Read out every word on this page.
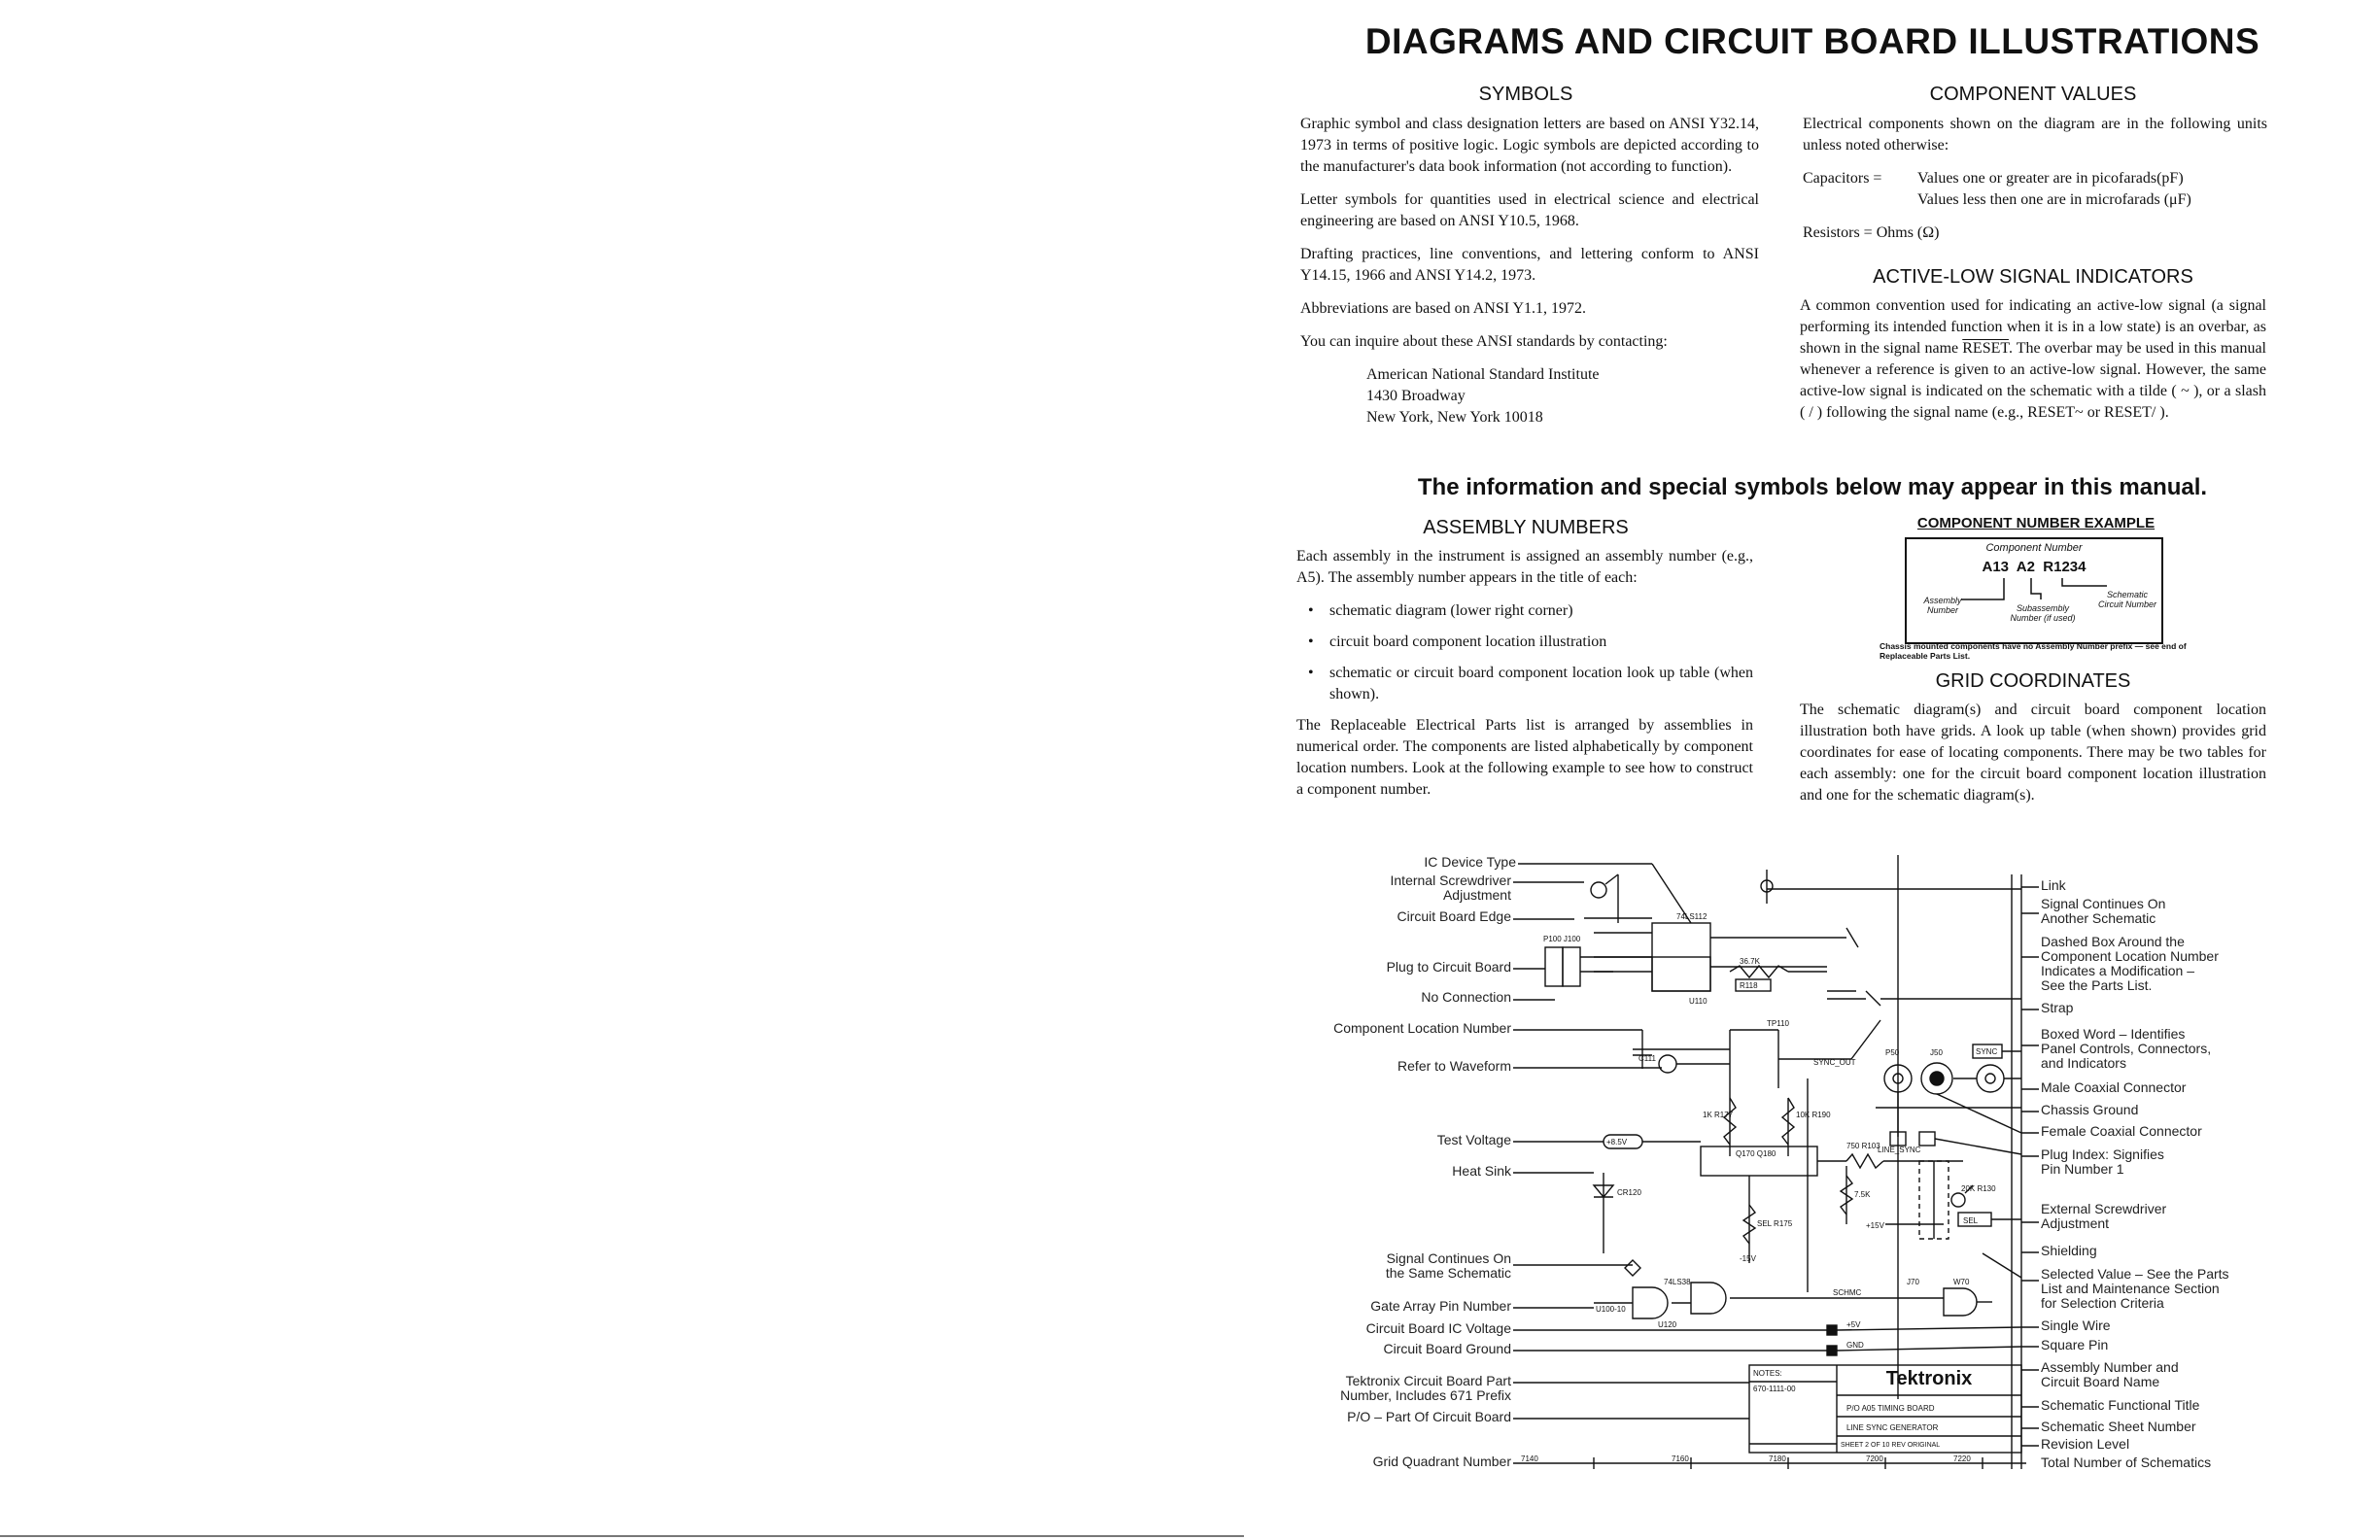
DIAGRAMS AND CIRCUIT BOARD ILLUSTRATIONS
SYMBOLS

Graphic symbol and class designation letters are based on ANSI Y32.14, 1973 in terms of positive logic. Logic symbols are depicted according to the manufacturer's data book information (not according to function).

Letter symbols for quantities used in electrical science and electrical engineering are based on ANSI Y10.5, 1968.

Drafting practices, line conventions, and lettering conform to ANSI Y14.15, 1966 and ANSI Y14.2, 1973.

Abbreviations are based on ANSI Y1.1, 1972.

You can inquire about these ANSI standards by contacting:

American National Standard Institute
1430 Broadway
New York, New York 10018
COMPONENT VALUES

Electrical components shown on the diagram are in the following units unless noted otherwise:

Capacitors =	Values one or greater are in picofarads(pF)
Values less then one are in microfarads (μF)
Resistors = Ohms (Ω)
ACTIVE-LOW SIGNAL INDICATORS
A common convention used for indicating an active-low signal (a signal performing its intended function when it is in a low state) is an overbar, as shown in the signal name RESET. The overbar may be used in this manual whenever a reference is given to an active-low signal. However, the same active-low signal is indicated on the schematic with a tilde ( ~ ), or a slash ( / ) following the signal name (e.g., RESET~ or RESET/ ).
The information and special symbols below may appear in this manual.
ASSEMBLY NUMBERS

Each assembly in the instrument is assigned an assembly number (e.g., A5). The assembly number appears in the title of each:

• schematic diagram (lower right corner)
• circuit board component location illustration
• schematic or circuit board component location look up table (when shown).

The Replaceable Electrical Parts list is arranged by assemblies in numerical order. The components are listed alphabetically by component location numbers. Look at the following example to see how to construct a component number.

COMPONENT NUMBER EXAMPLE
Component Number
A13  A2  R1234
Assembly Number	Subassembly Number (if used)
Schematic Circuit Number
Chassis mounted components have no Assembly Number prefix — see end of Replaceable Parts List.
GRID COORDINATES
The schematic diagram(s) and circuit board component location illustration both have grids. A look up table (when shown) provides grid coordinates for ease of locating components. There may be two tables for each assembly: one for the circuit board component location illustration and one for the schematic diagram(s).
IC Device Type
Internal Screwdriver
Adjustment
Circuit Board Edge
Plug to Circuit Board
No Connection
Component Location Number
Refer to Waveform
Test Voltage
Heat Sink
Signal Continues On
the Same Schematic
Gate Array Pin Number
Circuit Board IC Voltage
Circuit Board Ground
Tektronix Circuit Board Part
Number, Includes 671 Prefix
P/O – Part Of Circuit Board
Grid Quadrant Number
Link
Signal Continues On
Another Schematic
Dashed Box Around the
Component Location Number
Indicates a Modification –
See the Parts List.
Strap
Boxed Word – Identifies
Panel Controls, Connectors,
and Indicators
Male Coaxial Connector
Chassis Ground
Female Coaxial Connector
Plug Index: Signifies
Pin Number 1
External Screwdriver
Adjustment
Shielding
Selected Value – See the Parts
List and Maintenance Section
for Selection Criteria
Single Wire
Square Pin
Assembly Number and
Circuit Board Name
Schematic Functional Title
Schematic Sheet Number
Revision Level
Total Number of Schematics
74LS112
U110
U120
74LS38
P100 J100
36.7K
R118
TP110
C111
1K R177	10K R190
Q170 Q180
750 R103
SYNC_OUT
P50	J50	SYNC
+8.5V
CR120
SEL R175
-15V
+15V
7.5K
20K R130
SEL
U100-10
+5V
GND
SCHMC
J70	W70
LINE_SYNC
NOTES:
670-1111-00
P/O A05 TIMING BOARD
LINE SYNC GENERATOR
SHEET 2 OF 10 REV ORIGINAL
7140	7160	7180	7200	7220
Tektronix
